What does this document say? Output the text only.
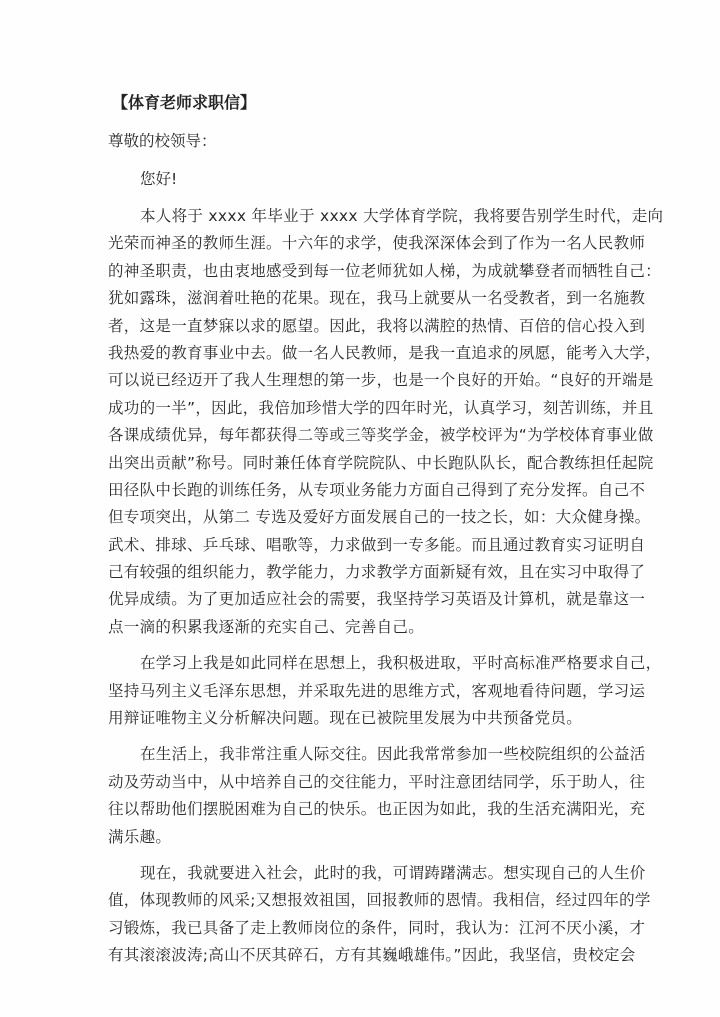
【体育老师求职信】
尊敬的校领导：
您好!
本人将于 xxxx 年毕业于 xxxx 大学体育学院，我将要告别学生时代，走向
光荣而神圣的教师生涯。十六年的求学，使我深深体会到了作为一名人民教师
的神圣职责，也由衷地感受到每一位老师犹如人梯，为成就攀登者而牺牲自己：
犹如露珠，滋润着吐艳的花果。现在，我马上就要从一名受教者，到一名施教
者，这是一直梦寐以求的愿望。因此，我将以满腔的热情、百倍的信心投入到
我热爱的教育事业中去。做一名人民教师，是我一直追求的夙愿，能考入大学，
可以说已经迈开了我人生理想的第一步，也是一个良好的开始。“良好的开端是
成功的一半”，因此，我倍加珍惜大学的四年时光，认真学习，刻苦训练，并且
各课成绩优异，每年都获得二等或三等奖学金，被学校评为“为学校体育事业做
出突出贡献”称号。同时兼任体育学院院队、中长跑队队长，配合教练担任起院
田径队中长跑的训练任务，从专项业务能力方面自己得到了充分发挥。自己不
但专项突出，从第二 专选及爱好方面发展自己的一技之长，如：大众健身操。
武术、排球、乒乓球、唱歌等，力求做到一专多能。而且通过教育实习证明自
己有较强的组织能力，教学能力，力求教学方面新疑有效，且在实习中取得了
优异成绩。为了更加适应社会的需要，我坚持学习英语及计算机，就是靠这一
点一滴的积累我逐渐的充实自己、完善自己。
在学习上我是如此同样在思想上，我积极进取，平时高标准严格要求自己，
坚持马列主义毛泽东思想，并采取先进的思维方式，客观地看待问题，学习运
用辩证唯物主义分析解决问题。现在已被院里发展为中共预备党员。
在生活上，我非常注重人际交往。因此我常常参加一些校院组织的公益活
动及劳动当中，从中培养自己的交往能力，平时注意团结同学，乐于助人，往
往以帮助他们摆脱困难为自己的快乐。也正因为如此，我的生活充满阳光，充
满乐趣。
现在，我就要进入社会，此时的我，可谓踌躇满志。想实现自己的人生价
值，体现教师的风采;又想报效祖国，回报教师的恩情。我相信，经过四年的学
习锻炼，我已具备了走上教师岗位的条件，同时，我认为：江河不厌小溪，才
有其滚滚波涛;高山不厌其碎石，方有其巍峨雄伟。”因此，我坚信，贵校定会
